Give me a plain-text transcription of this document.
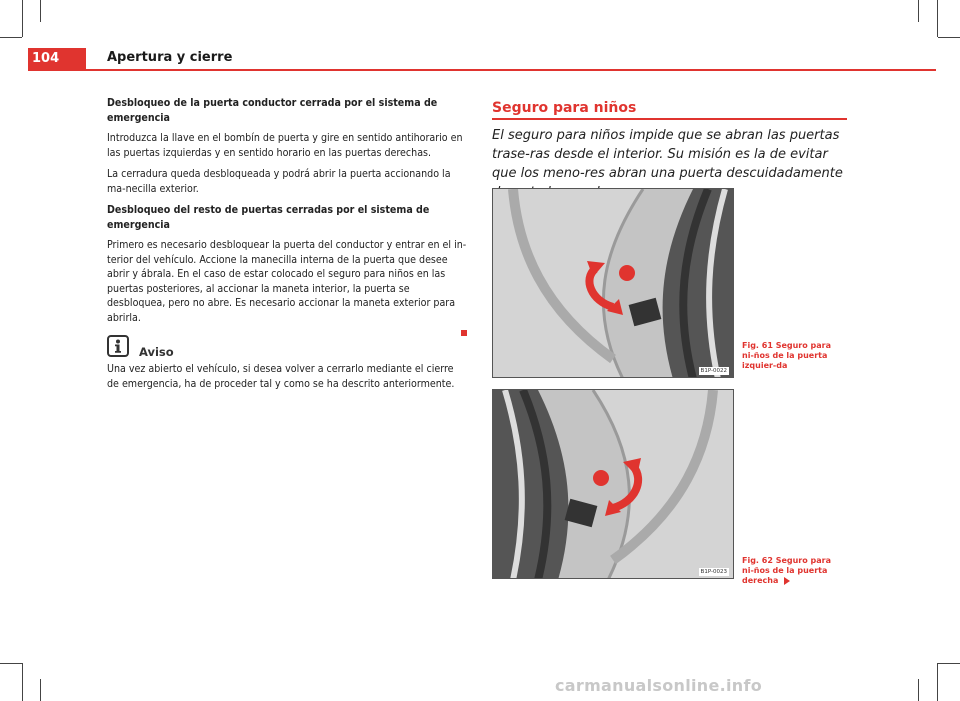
104	Apertura y cierre
Desbloqueo de la puerta conductor cerrada por el sistema de emergencia
Introduzca la llave en el bombín de puerta y gire en sentido antihorario en las puertas izquierdas y en sentido horario en las puertas derechas.
La cerradura queda desbloqueada y podrá abrir la puerta accionando la ma-necilla exterior.
Desbloqueo del resto de puertas cerradas por el sistema de emergencia
Primero es necesario desbloquear la puerta del conductor y entrar en el in-terior del vehículo. Accione la manecilla interna de la puerta que desee abrir y ábrala. En el caso de estar colocado el seguro para niños en las puertas posteriores, al accionar la maneta interior, la puerta se desbloquea, pero no abre. Es necesario accionar la maneta exterior para abrirla.
Aviso
Una vez abierto el vehículo, si desea volver a cerrarlo mediante el cierre de emergencia, ha de proceder tal y como se ha descrito anteriormente.
Seguro para niños
El seguro para niños impide que se abran las puertas trase-ras desde el interior. Su misión es la de evitar que los meno-res abran una puerta descuidadamente
B1P-0022
Fig. 61 Seguro para ni-ños de la puerta izquier-da
B1P-0023
Fig. 62 Seguro para ni-ños de la puerta derecha
carmanualsonline.info
